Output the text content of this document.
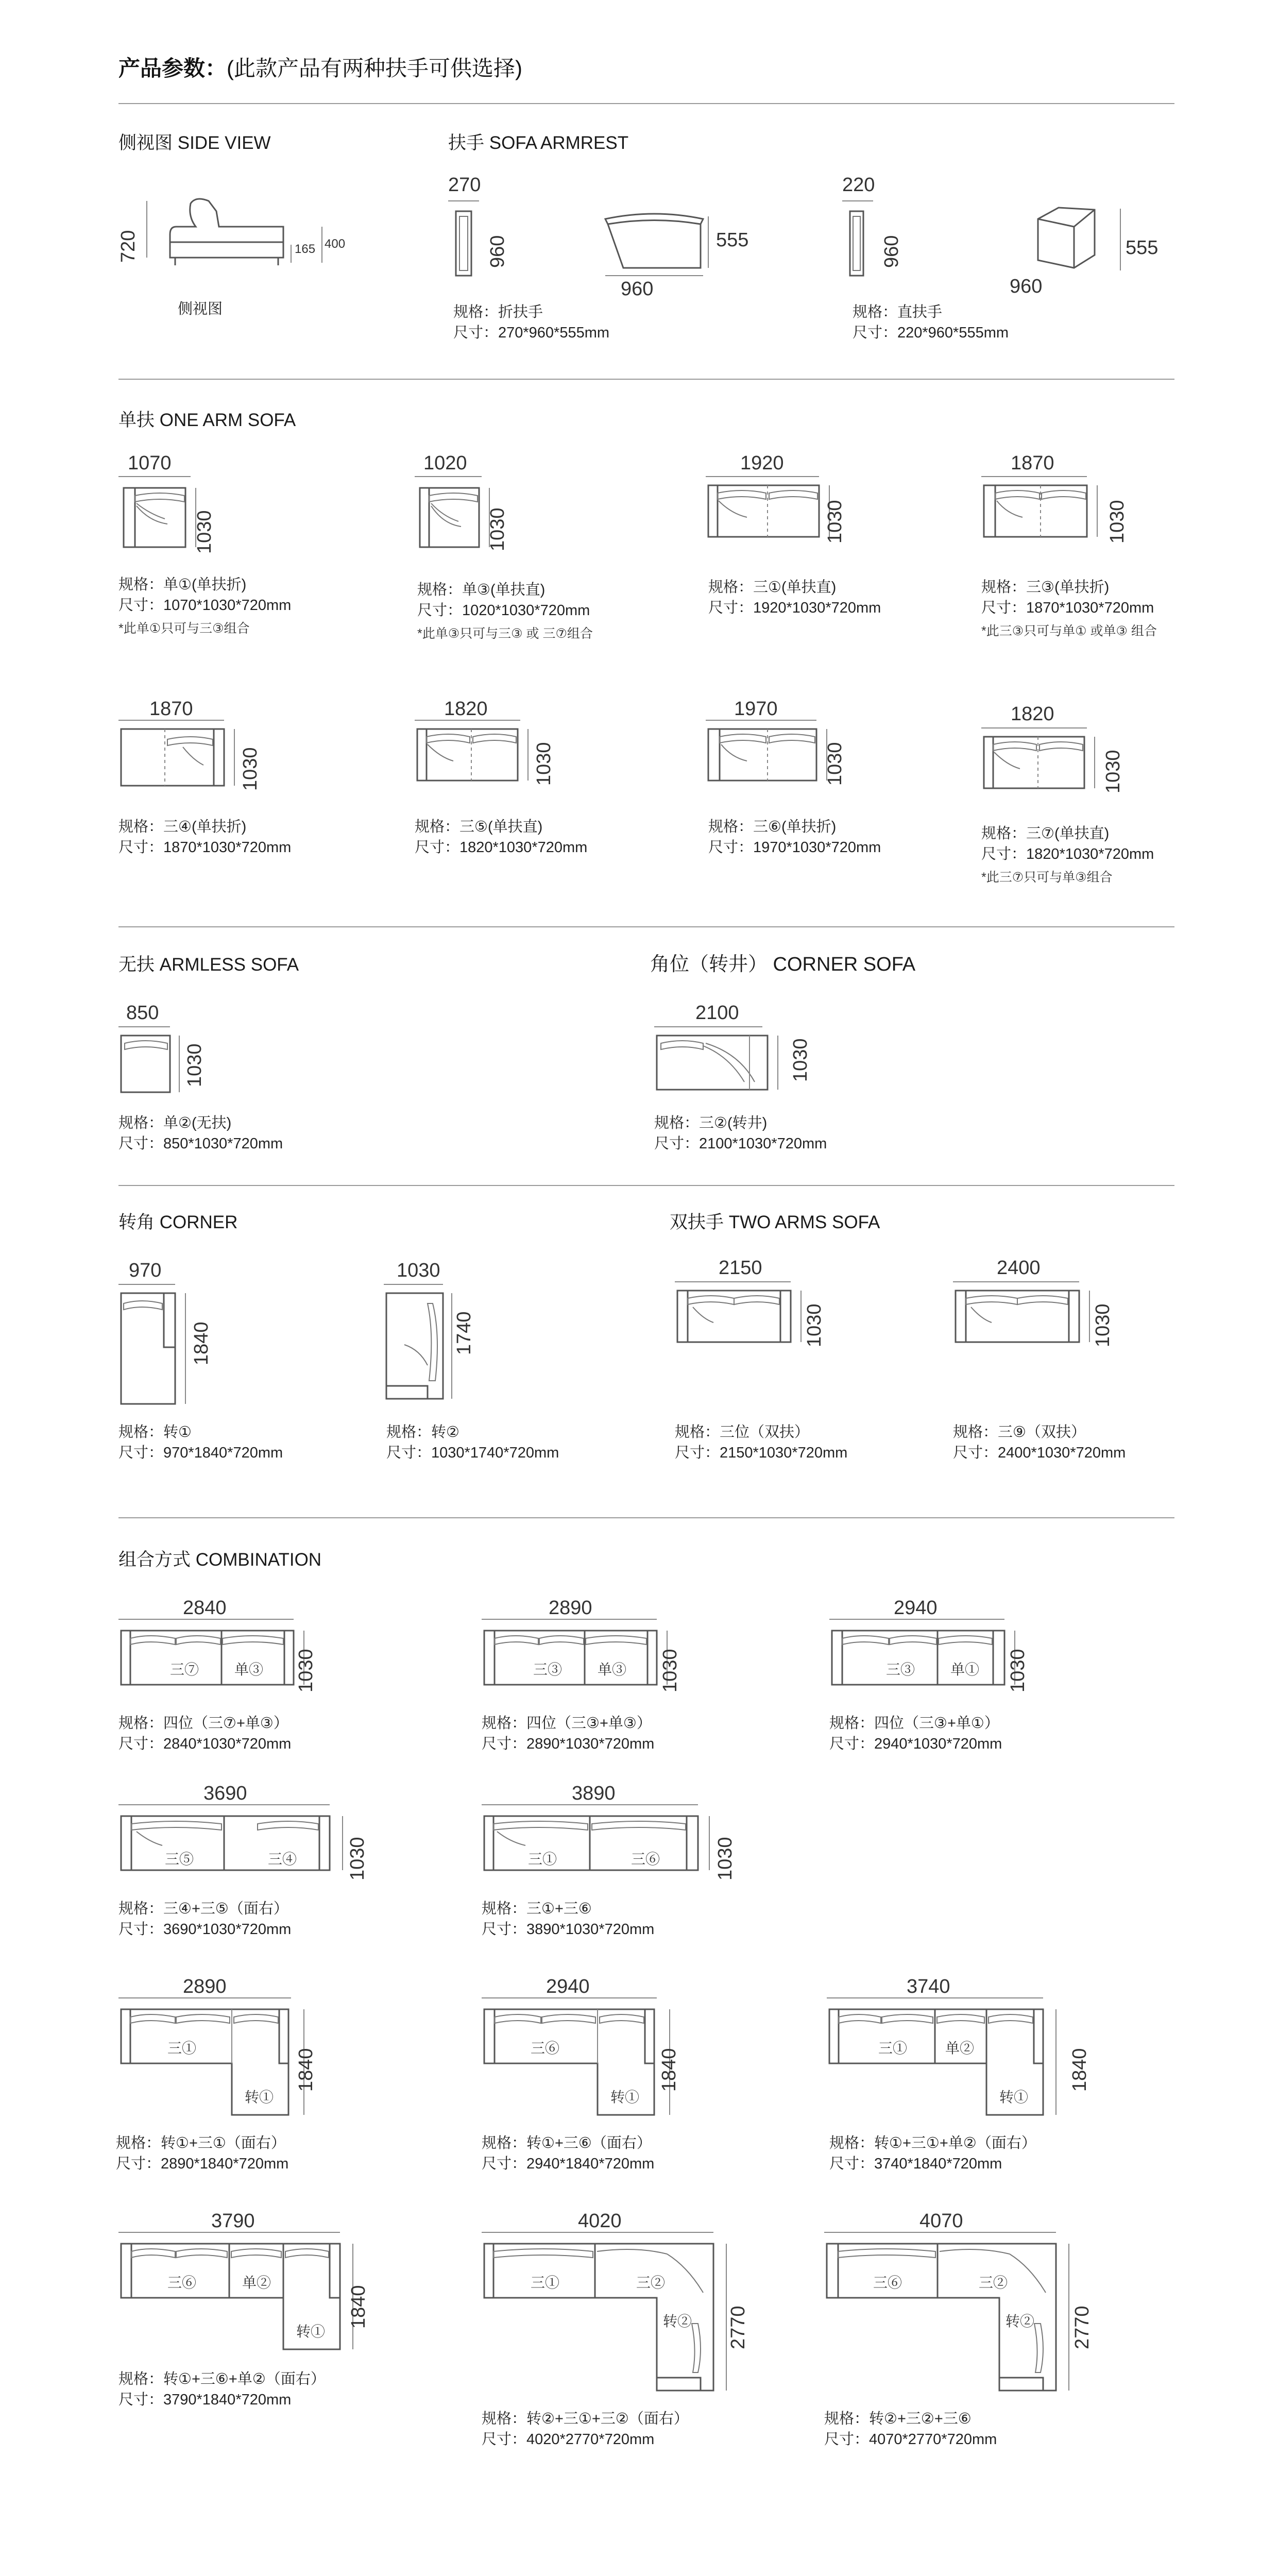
产品参数：(此款产品有两种扶手可供选择)
侧视图 SIDE VIEW
720	165 400
侧视图
扶手 SOFA ARMREST
270
960
960
555
规格：折扶手
尺寸：270*960*555mm
220
960
960
555
规格：直扶手
尺寸：220*960*555mm
单扶 ONE ARM SOFA
1070
1030
规格：单①(单扶折)
尺寸：1070*1030*720mm
*此单①只可与三③组合
1020
1030
规格：单③(单扶直)
尺寸：1020*1030*720mm
*此单③只可与三③ 或 三⑦组合
1920
1030
规格：三①(单扶直)
尺寸：1920*1030*720mm
1870
1030
规格：三③(单扶折)
尺寸：1870*1030*720mm
*此三③只可与单① 或单③ 组合
1870
1030
规格：三④(单扶折)
尺寸：1870*1030*720mm
1820
1030
规格：三⑤(单扶直)
尺寸：1820*1030*720mm
1970
1030
规格：三⑥(单扶折)
尺寸：1970*1030*720mm
1820
1030
规格：三⑦(单扶直)
尺寸：1820*1030*720mm
*此三⑦只可与单③组合
无扶 ARMLESS SOFA
850
1030
规格：单②(无扶)
尺寸：850*1030*720mm
角位（转井） CORNER SOFA
2100
1030
规格：三②(转井)
尺寸：2100*1030*720mm
转角 CORNER
970
1840
规格：转①
尺寸：970*1840*720mm
1030
1740
规格：转②
尺寸：1030*1740*720mm
双扶手 TWO ARMS SOFA
2150
1030
规格：三位（双扶）
尺寸：2150*1030*720mm
2400
1030
规格：三⑨（双扶）
尺寸：2400*1030*720mm
组合方式 COMBINATION
2840
三⑦ 单③ 1030
规格：四位（三⑦+单③）
尺寸：2840*1030*720mm
2890
三③ 单③ 1030
规格：四位（三③+单③）
尺寸：2890*1030*720mm
2940
三③ 单① 1030
规格：四位（三③+单①）
尺寸：2940*1030*720mm
3690
三⑤	三④	1030
规格：三④+三⑤（面右）
尺寸：3690*1030*720mm
3890
三①	三⑥	1030
规格：三①+三⑥
尺寸：3890*1030*720mm
2890
三①
转①
1840
规格：转①+三①（面右）
尺寸：2890*1840*720mm
2940
三⑥
转①
1840
规格：转①+三⑥（面右）
尺寸：2940*1840*720mm
3740
三①	单②
转①
1840
规格：转①+三①+单②（面右）
尺寸：3740*1840*720mm
3790
三⑥	单②
转①
1840
规格：转①+三⑥+单②（面右）
尺寸：3790*1840*720mm
4020
三①	三②
转② 2770
规格：转②+三①+三②（面右）
尺寸：4020*2770*720mm
4070
三⑥	三②
转② 2770
规格：转②+三②+三⑥
尺寸：4070*2770*720mm
